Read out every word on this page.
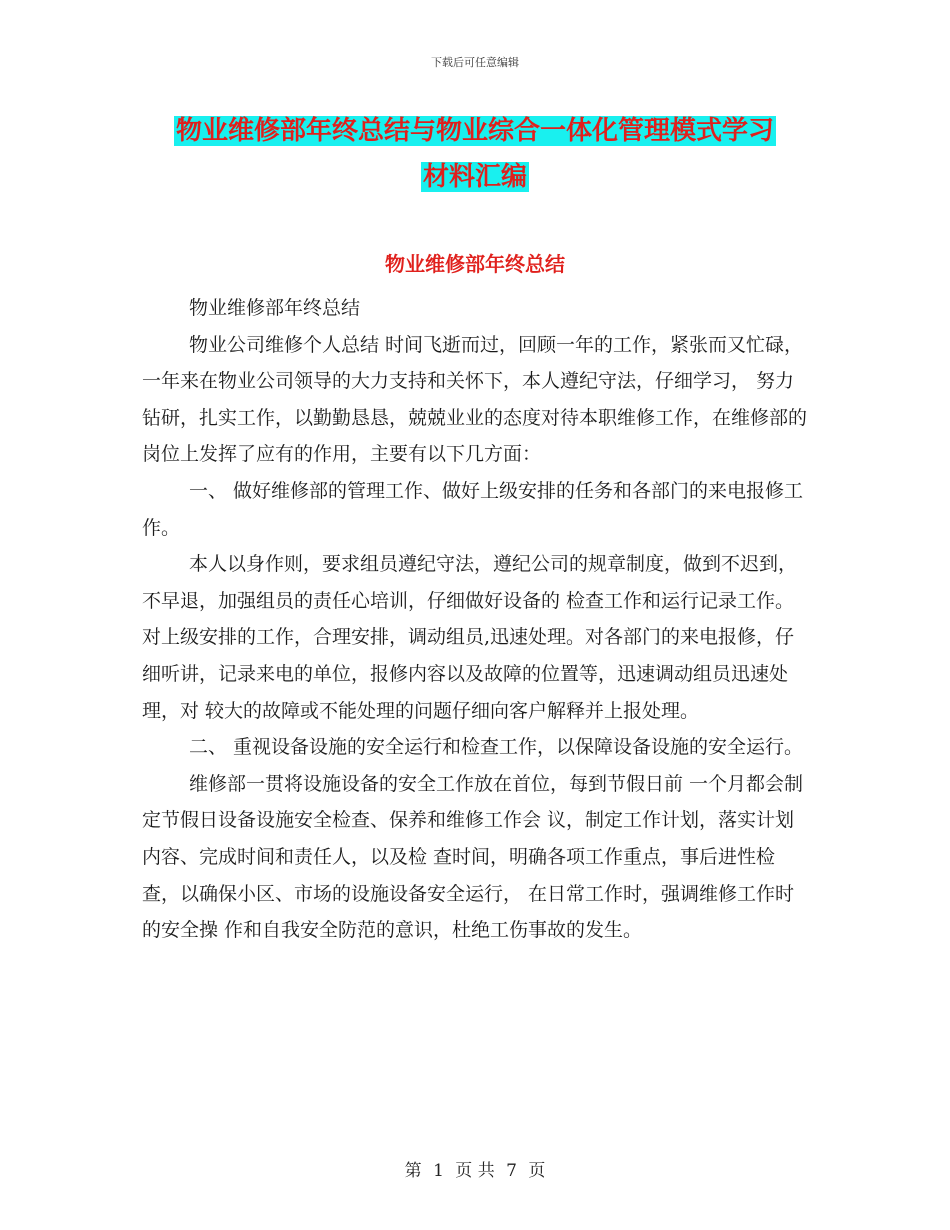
下载后可任意编辑
物业维修部年终总结与物业综合一体化管理模式学习
材料汇编
物业维修部年终总结

物业维修部年终总结

物业公司维修个人总结 时间飞逝而过，回顾一年的工作，紧张而又忙碌，一年来在物业公司领导的大力支持和关怀下，本人遵纪守法，仔细学习， 努力钻研，扎实工作，以勤勤恳恳，兢兢业业的态度对待本职维修工作，在维修部的岗位上发挥了应有的作用，主要有以下几方面：

一、 做好维修部的管理工作、做好上级安排的任务和各部门的来电报修工作。

本人以身作则，要求组员遵纪守法，遵纪公司的规章制度，做到不迟到，不早退，加强组员的责任心培训，仔细做好设备的 检查工作和运行记录工作。对上级安排的工作，合理安排，调动组员,迅速处理。对各部门的来电报修，仔细听讲，记录来电的单位，报修内容以及故障的位置等，迅速调动组员迅速处理，对 较大的故障或不能处理的问题仔细向客户解释并上报处理。

二、 重视设备设施的安全运行和检查工作，以保障设备设施的安全运行。

维修部一贯将设施设备的安全工作放在首位，每到节假日前 一个月都会制定节假日设备设施安全检查、保养和维修工作会 议，制定工作计划，落实计划内容、完成时间和责任人，以及检 查时间，明确各项工作重点，事后进性检查，以确保小区、市场的设施设备安全运行， 在日常工作时，强调维修工作时的安全操 作和自我安全防范的意识，杜绝工伤事故的发生。

第 1 页 共 7 页
